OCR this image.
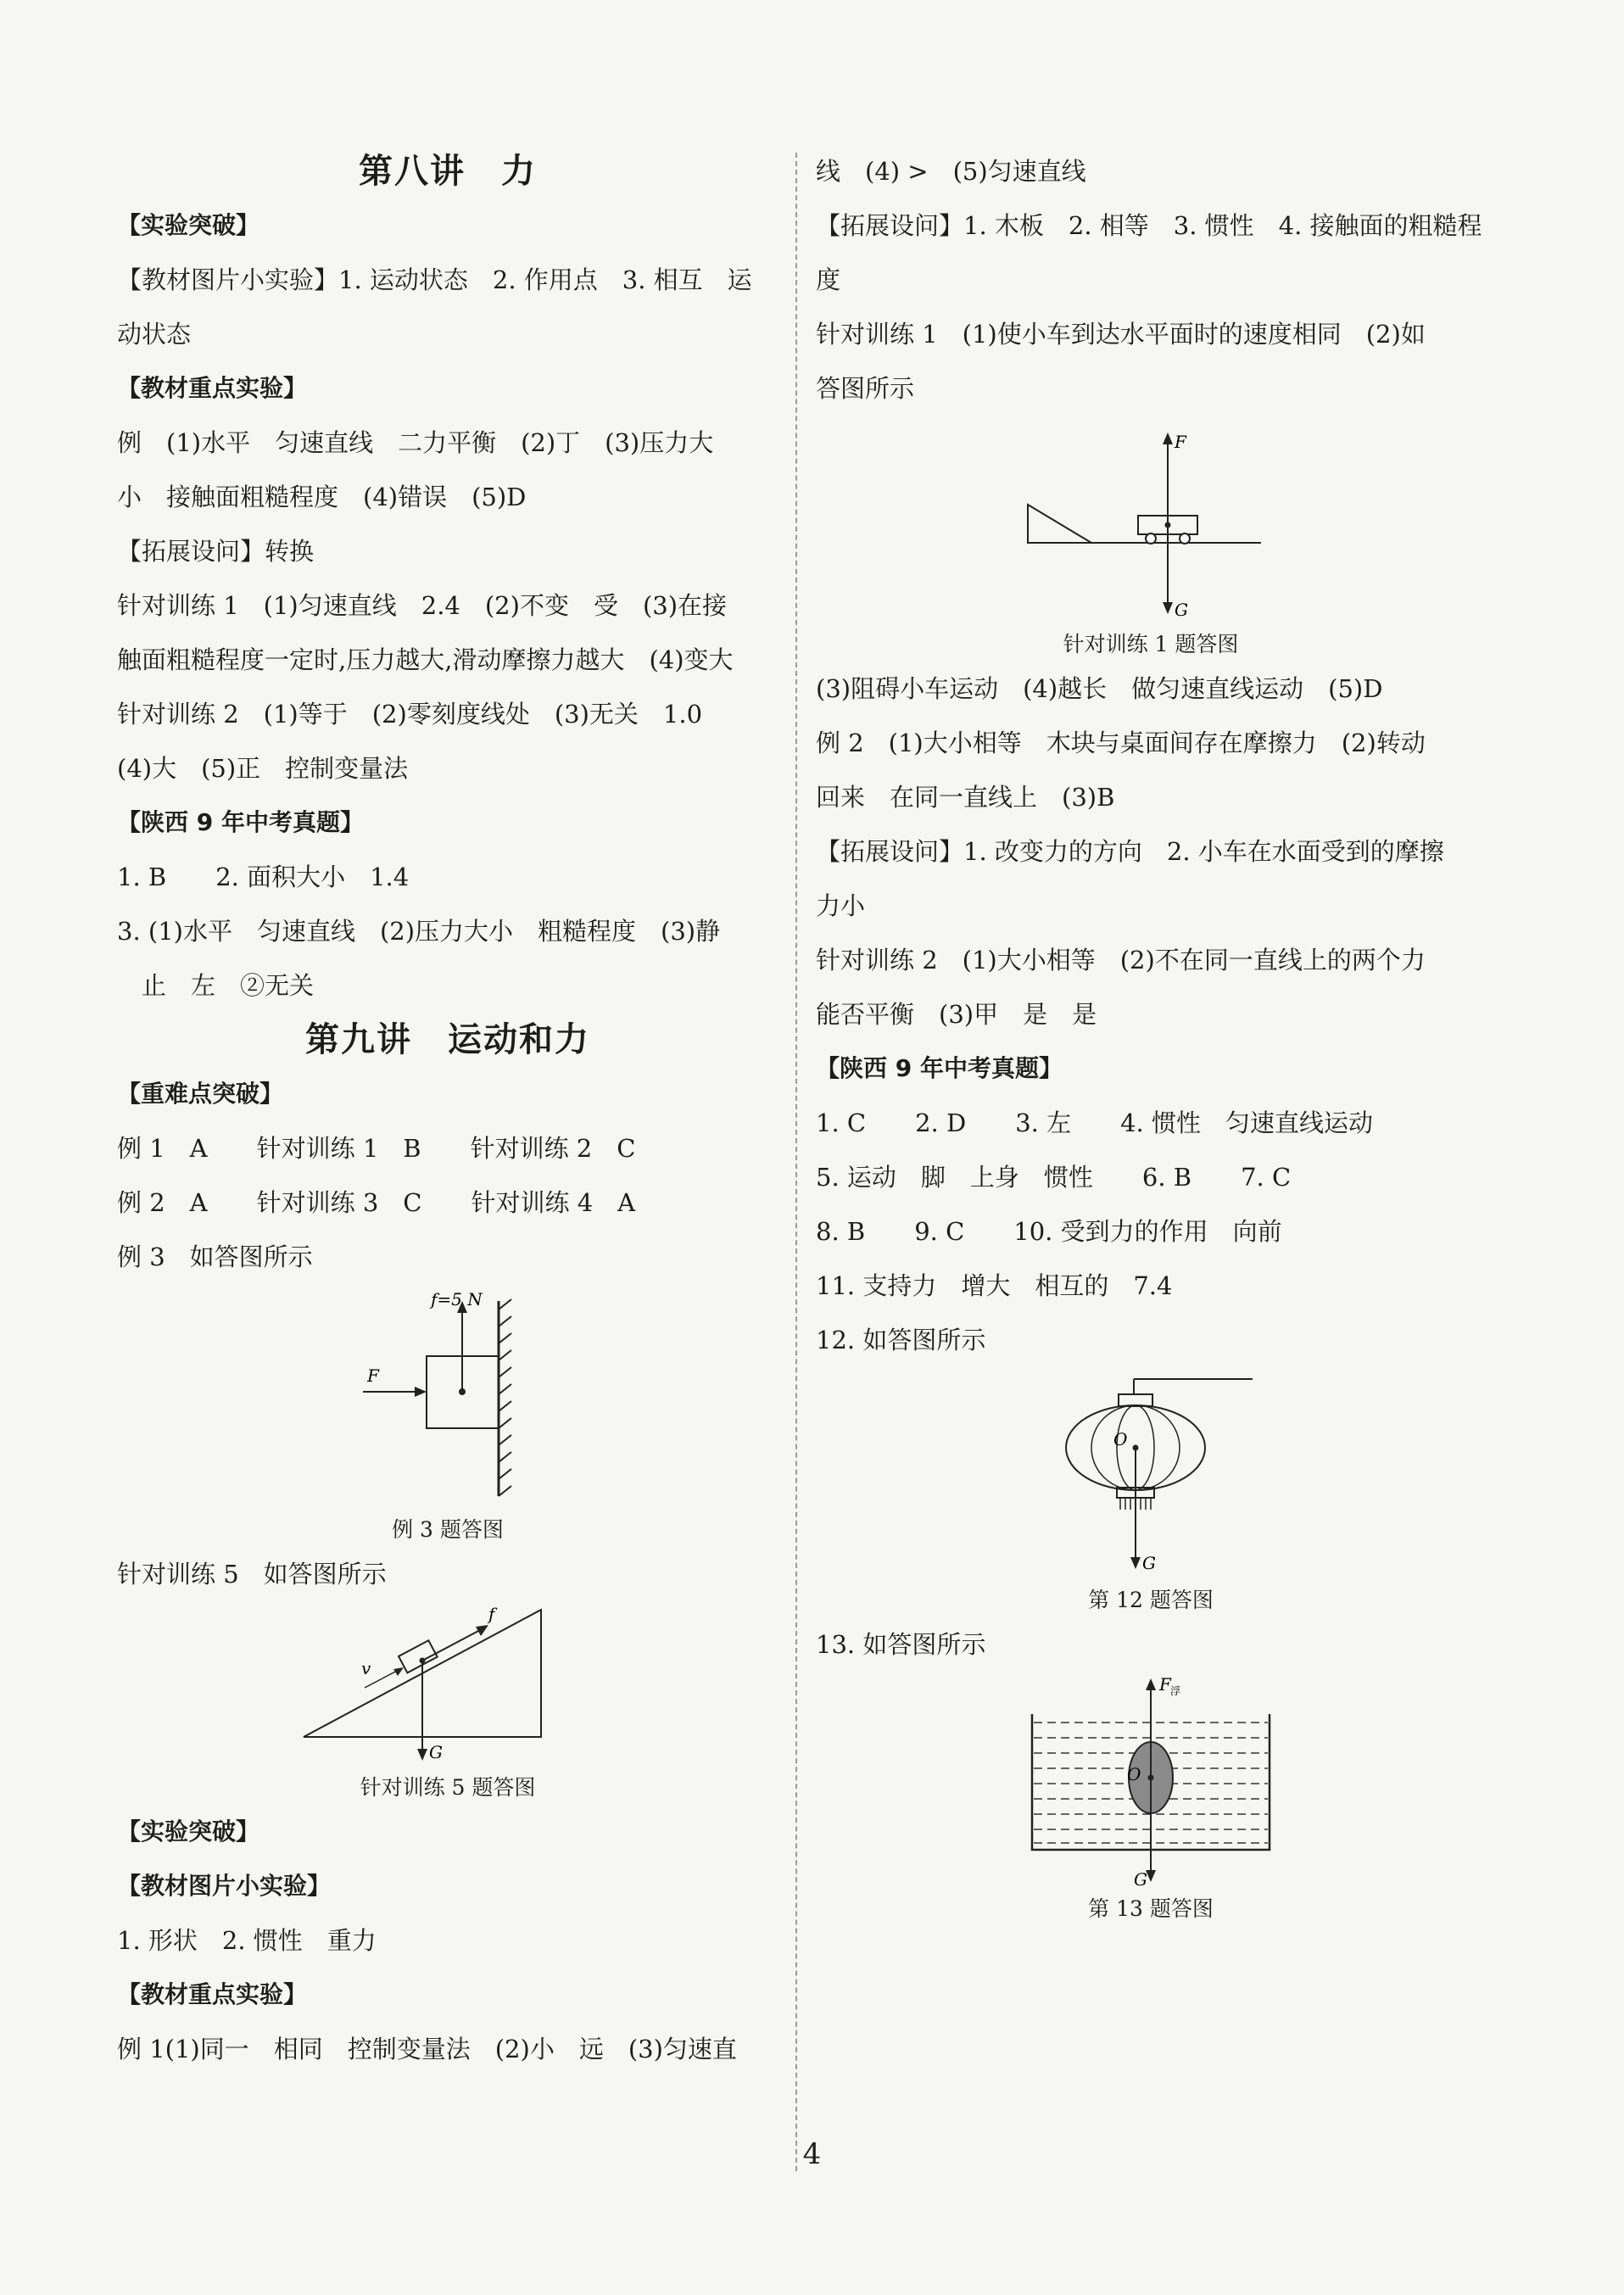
第八讲　力
【实验突破】
【教材图片小实验】1. 运动状态　2. 作用点　3. 相互　运
动状态
【教材重点实验】
例　(1)水平　匀速直线　二力平衡　(2)丁　(3)压力大
小　接触面粗糙程度　(4)错误　(5)D
【拓展设问】转换
针对训练 1　(1)匀速直线　2.4　(2)不变　受　(3)在接
触面粗糙程度一定时,压力越大,滑动摩擦力越大　(4)变大
针对训练 2　(1)等于　(2)零刻度线处　(3)无关　1.0
(4)大　(5)正　控制变量法
【陕西 9 年中考真题】
1. B　　2. 面积大小　1.4
3. (1)水平　匀速直线　(2)压力大小　粗糙程度　(3)静
　止　左　②无关
第九讲　运动和力
【重难点突破】
例 1　A　　针对训练 1　B　　针对训练 2　C
例 2　A　　针对训练 3　C　　针对训练 4　A
例 3　如答图所示
f=5 N
F
例 3 题答图
针对训练 5　如答图所示
f
v
G
针对训练 5 题答图
【实验突破】
【教材图片小实验】
1. 形状　2. 惯性　重力
【教材重点实验】
例 1(1)同一　相同　控制变量法　(2)小　远　(3)匀速直
线　(4) >　(5)匀速直线
【拓展设问】1. 木板　2. 相等　3. 惯性　4. 接触面的粗糙程
度
针对训练 1　(1)使小车到达水平面时的速度相同　(2)如
答图所示
F
G
针对训练 1 题答图
(3)阻碍小车运动　(4)越长　做匀速直线运动　(5)D
例 2　(1)大小相等　木块与桌面间存在摩擦力　(2)转动
回来　在同一直线上　(3)B
【拓展设问】1. 改变力的方向　2. 小车在水面受到的摩擦
力小
针对训练 2　(1)大小相等　(2)不在同一直线上的两个力
能否平衡　(3)甲　是　是
【陕西 9 年中考真题】
1. C　　2. D　　3. 左　　4. 惯性　匀速直线运动
5. 运动　脚　上身　惯性　　6. B　　7. C
8. B　　9. C　　10. 受到力的作用　向前
11. 支持力　增大　相互的　7.4
12. 如答图所示
O
G
第 12 题答图
13. 如答图所示
F 浮
O
G
第 13 题答图
4
